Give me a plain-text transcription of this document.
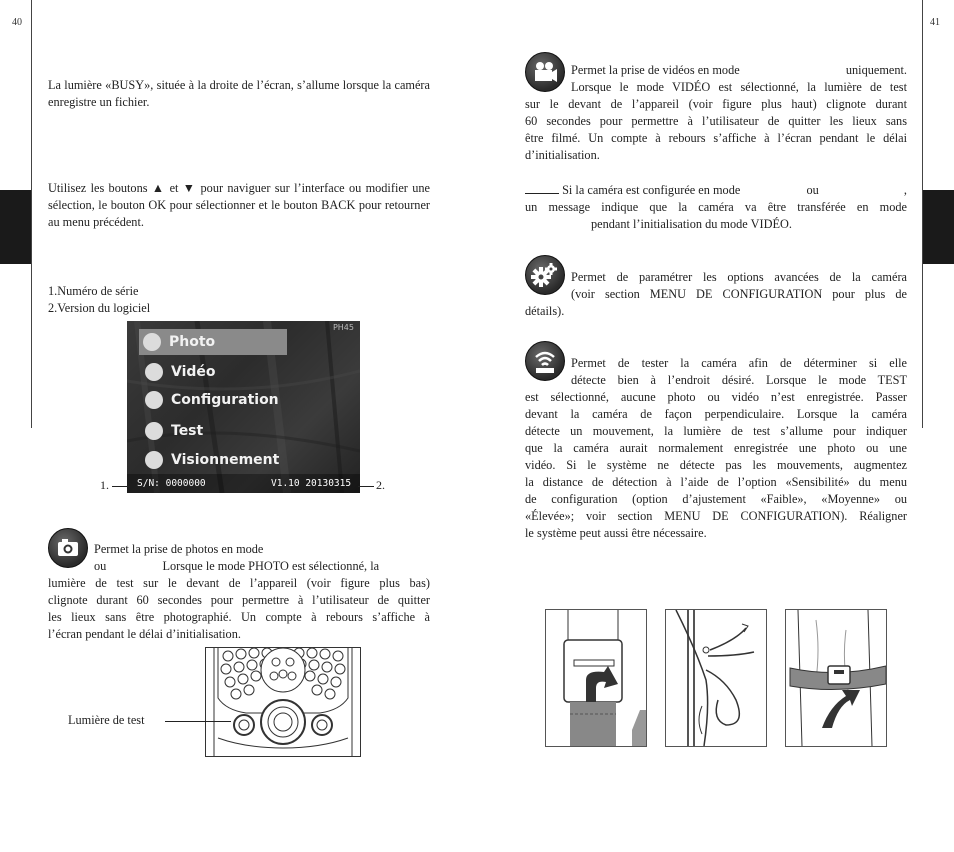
40	41

La lumière «BUSY», située à la droite de l’écran, s’allume lorsque la caméra enregistre un fichier.

Utilisez les boutons ▲ et ▼ pour naviguer sur l’interface ou modifier une sélection, le bouton OK pour sélectionner et le bouton BACK pour retourner au menu précédent.

1.Numéro de série
2.Version du logiciel
PH45
Photo
Vidéo
Configuration
Test
Visionnement
S/N: 0000000	V1.10 20130315
1.	2.
Permet la prise de photos en mode
ou	Lorsque le mode PHOTO est sélectionné, la
lumière de test sur le devant de l’appareil (voir figure plus bas)
clignote durant 60 secondes pour permettre à l’utilisateur de quitter
les lieux sans être photographié. Un compte à rebours s’affiche à
l’écran pendant le délai d’initialisation.
Lumière de test
Permet la prise de vidéos en mode	uniquement.
Lorsque le mode VIDÉO est sélectionné, la lumière de test
sur le devant de l’appareil (voir figure plus haut) clignote durant
60 secondes pour permettre à l’utilisateur de quitter les lieux sans
être filmé. Un compte à rebours s’affiche à l’écran pendant le délai
d’initialisation.
Si la caméra est configurée en mode	ou	,
un message indique que la caméra va être transférée en mode
pendant l’initialisation du mode VIDÉO.
Permet de paramétrer les options avancées de la caméra
(voir section MENU DE CONFIGURATION pour plus de
détails).
Permet de tester la caméra afin de déterminer si elle
détecte bien à l’endroit désiré. Lorsque le mode TEST
est sélectionné, aucune photo ou vidéo n’est enregistrée. Passer
devant la caméra de façon perpendiculaire. Lorsque la caméra
détecte un mouvement, la lumière de test s’allume pour indiquer
que la caméra aurait normalement enregistrée une photo ou une
vidéo. Si le système ne détecte pas les mouvements, augmentez
la distance de détection à l’aide de l’option «Sensibilité» du menu
de configuration (option d’ajustement «Faible», «Moyenne» ou
«Élevée»; voir section MENU DE CONFIGURATION). Réaligner
le système peut aussi être nécessaire.
